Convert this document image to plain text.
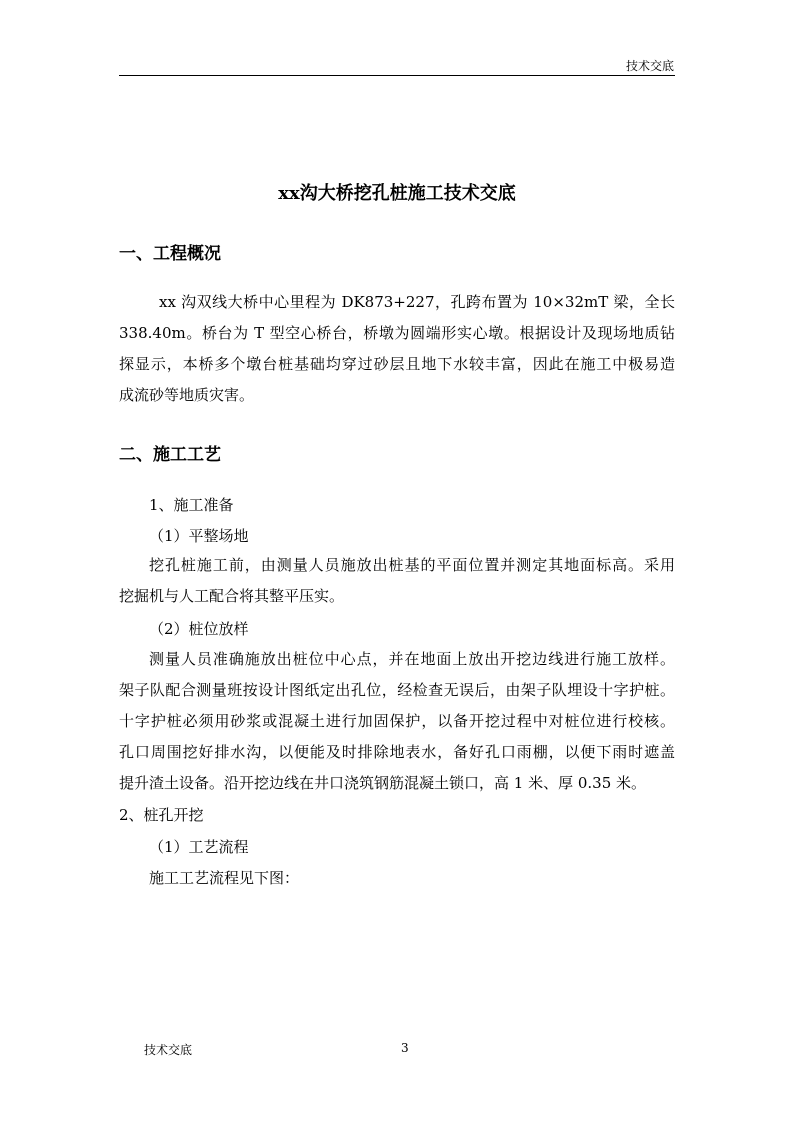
技术交底
xx沟大桥挖孔桩施工技术交底
一、工程概况
xx 沟双线大桥中心里程为 DK873+227，孔跨布置为 10×32mT 梁，全长
338.40m。桥台为 T 型空心桥台，桥墩为圆端形实心墩。根据设计及现场地质钻
探显示，本桥多个墩台桩基础均穿过砂层且地下水较丰富，因此在施工中极易造
成流砂等地质灾害。
二、施工工艺
1、施工准备
（1）平整场地
挖孔桩施工前，由测量人员施放出桩基的平面位置并测定其地面标高。采用
挖掘机与人工配合将其整平压实。
（2）桩位放样
测量人员准确施放出桩位中心点，并在地面上放出开挖边线进行施工放样。
架子队配合测量班按设计图纸定出孔位，经检查无误后，由架子队埋设十字护桩。
十字护桩必须用砂浆或混凝土进行加固保护，以备开挖过程中对桩位进行校核。
孔口周围挖好排水沟，以便能及时排除地表水，备好孔口雨棚，以便下雨时遮盖
提升渣土设备。沿开挖边线在井口浇筑钢筋混凝土锁口，高 1 米、厚 0.35 米。
2、桩孔开挖
（1）工艺流程
施工工艺流程见下图：
技术交底	3
